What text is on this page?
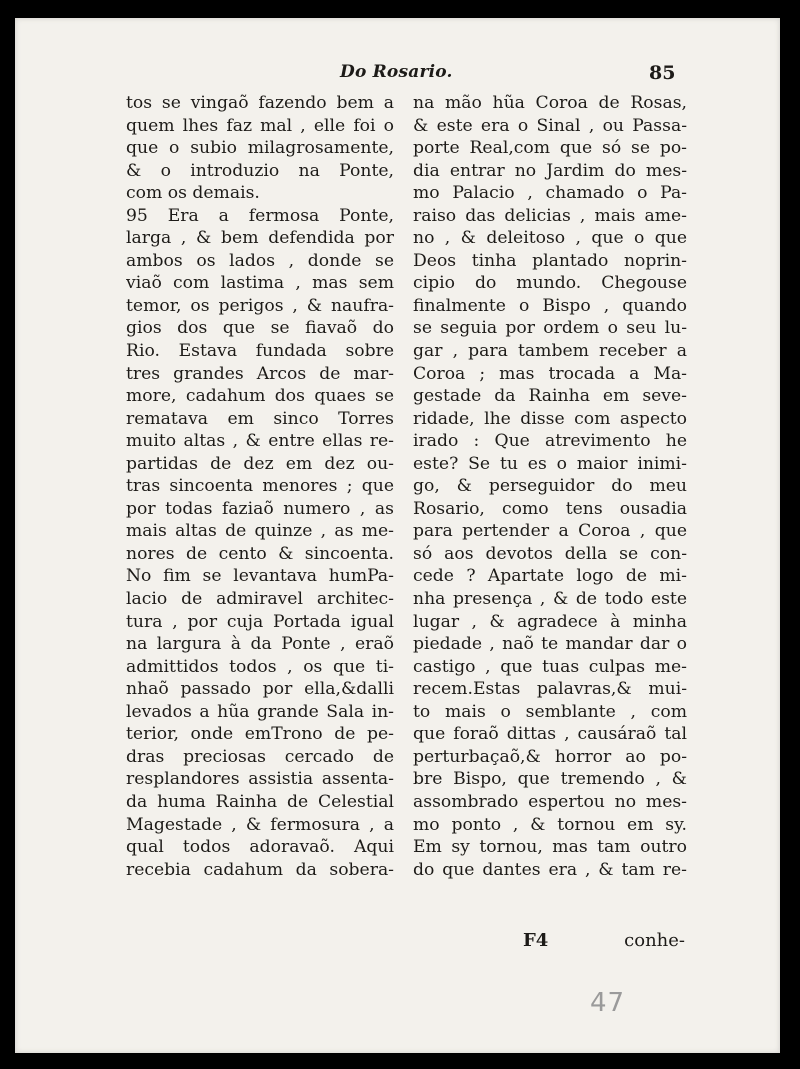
Do Rosario.	85
tos se vingaõ fazendo bem a
quem lhes faz mal , elle foi o
que o subio milagrosamente,
& o introduzio na Ponte,
com os demais.
95 Era a fermosa Ponte,
larga , & bem defendida por
ambos os lados , donde se
viaõ com lastima , mas sem
temor, os perigos , & naufra-
gios dos que se fiavaõ do
Rio. Estava fundada sobre
tres grandes Arcos de mar-
more, cadahum dos quaes se
rematava em sinco Torres
muito altas , & entre ellas re-
partidas de dez em dez ou-
tras sincoenta menores ; que
por todas faziaõ numero , as
mais altas de quinze , as me-
nores de cento & sincoenta.
No fim se levantava humPa-
lacio de admiravel architec-
tura , por cuja Portada igual
na largura à da Ponte , eraõ
admittidos todos , os que ti-
nhaõ passado por ella,&dalli
levados a hũa grande Sala in-
terior, onde emTrono de pe-
dras preciosas cercado de
resplandores assistia assenta-
da huma Rainha de Celestial
Magestade , & fermosura , a
qual todos adoravaõ. Aqui
recebia cadahum da sobera-
na mão hũa Coroa de Rosas,
& este era o Sinal , ou Passa-
porte Real,com que só se po-
dia entrar no Jardim do mes-
mo Palacio , chamado o Pa-
raiso das delicias , mais ame-
no , & deleitoso , que o que
Deos tinha plantado noprin-
cipio do mundo. Chegouse
finalmente o Bispo , quando
se seguia por ordem o seu lu-
gar , para tambem receber a
Coroa ; mas trocada a Ma-
gestade da Rainha em seve-
ridade, lhe disse com aspecto
irado : Que atrevimento he
este? Se tu es o maior inimi-
go, & perseguidor do meu
Rosario, como tens ousadia
para pertender a Coroa , que
só aos devotos della se con-
cede ? Apartate logo de mi-
nha presença , & de todo este
lugar , & agradece à minha
piedade , naõ te mandar dar o
castigo , que tuas culpas me-
recem.Estas palavras,& mui-
to mais o semblante , com
que foraõ dittas , causáraõ tal
perturbaçaõ,& horror ao po-
bre Bispo, que tremendo , &
assombrado espertou no mes-
mo ponto , & tornou em sy.
Em sy tornou, mas tam outro
do que dantes era , & tam re-
F4	conhe-
47
